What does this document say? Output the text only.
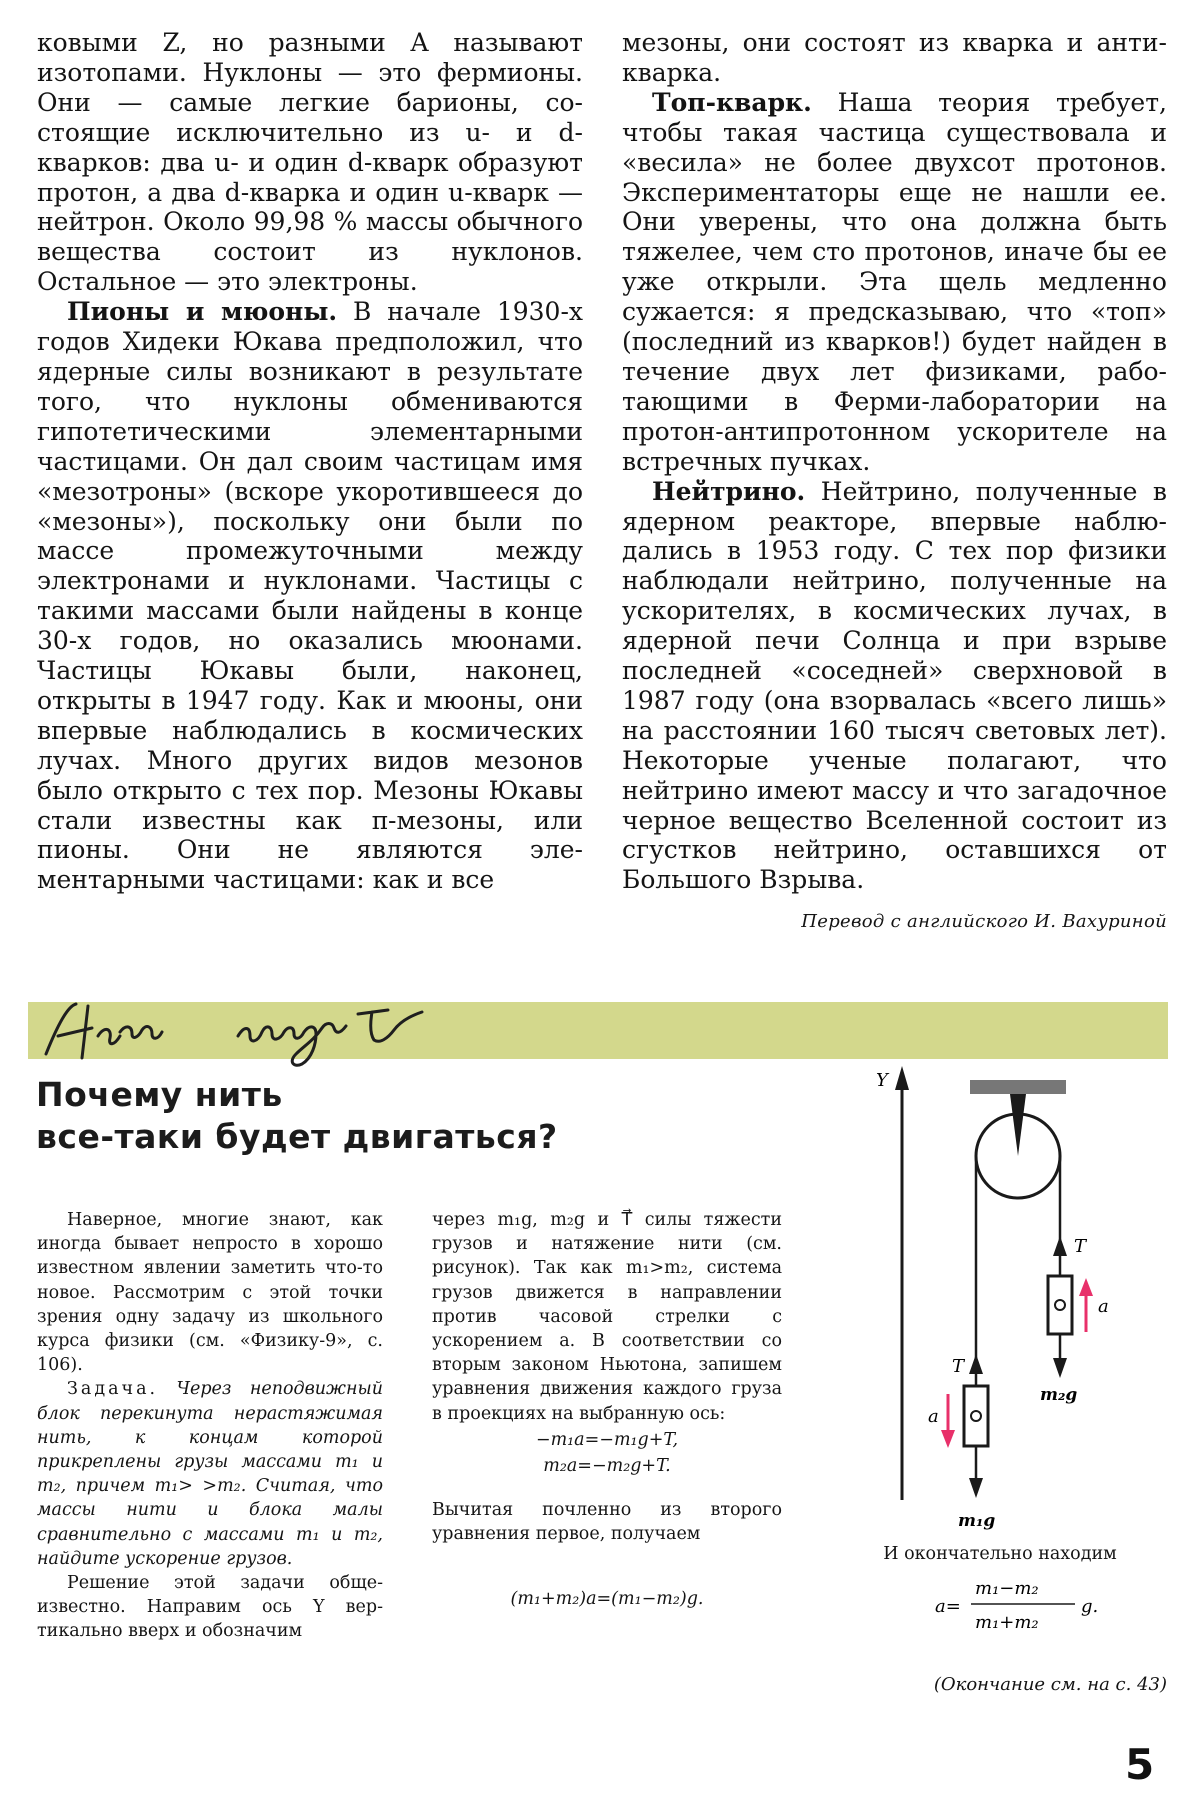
ковыми Z, но разными A называют изотопами. Нуклоны — это фермионы. Они — самые легкие барионы, состоящие исключительно из u- и d-кварков: два u- и один d-кварк образуют протон, а два d-кварка и один u-кварк — нейтрон. Около 99,98 % массы обычного вещества состоит из нуклонов. Остальное — это электроны.

Пионы и мюоны. В начале 1930-х годов Хидеки Юкава предположил, что ядерные силы возникают в результате того, что нуклоны обмениваются гипотетическими элементарными частицами. Он дал своим частицам имя «мезотроны» (вскоре укоротившееся до «мезоны»), поскольку они были по массе промежуточными между электронами и нуклонами. Частицы с такими массами были найдены в конце 30-х годов, но оказались мюонами. Частицы Юкавы были, наконец, открыты в 1947 году. Как и мюоны, они впервые наблюдались в космических лучах. Много других видов мезонов было открыто с тех пор. Мезоны Юкавы стали известны как π-мезоны, или пионы. Они не являются элементарными частицами: как и все

мезоны, они состоят из кварка и антикварка.

Топ-кварк. Наша теория требует, чтобы такая частица существовала и «весила» не более двухсот протонов. Экспериментаторы еще не нашли ее. Они уверены, что она должна быть тяжелее, чем сто протонов, иначе бы ее уже открыли. Эта щель медленно сужается: я предсказываю, что «топ» (последний из кварков!) будет найден в течение двух лет физиками, работающими в Ферми-лаборатории на протон-антипротонном ускорителе на встречных пучках.

Нейтрино. Нейтрино, полученные в ядерном реакторе, впервые наблюдались в 1953 году. С тех пор физики наблюдали нейтрино, полученные на ускорителях, в космических лучах, в ядерной печи Солнца и при взрыве последней «соседней» сверхновой в 1987 году (она взорвалась «всего лишь» на расстоянии 160 тысяч световых лет). Некоторые ученые полагают, что нейтрино имеют массу и что загадочное черное вещество Вселенной состоит из сгустков нейтрино, оставшихся от Большого Взрыва.

Перевод с английского И. Вахуриной

Почему нить
все-таки будет двигаться?

Наверное, многие знают, как иногда бывает непросто в хорошо известном явлении заметить что-то новое. Рассмотрим с этой точки зрения одну задачу из школьного курса физики (см. «Физику-9», с. 106).

Задача. Через неподвижный блок перекинута нерастяжимая нить, к концам которой прикреплены грузы массами m₁ и m₂, причем m₁> >m₂. Считая, что массы нити и блока малы сравнительно с массами m₁ и m₂, найдите ускорение грузов.

Решение этой задачи общеизвестно. Направим ось Y вертикально вверх и обозначим

через m₁g, m₂g и T⃗ силы тяжести грузов и натяжение нити (см. рисунок). Так как m₁>m₂, система грузов движется в направлении против часовой стрелки с ускорением a. В соответствии со вторым законом Ньютона, запишем уравнения движения каждого груза в проекциях на выбранную ось:

−m₁a=−m₁g+T,

m₂a=−m₂g+T.

Вычитая почленно из второго уравнения первое, получаем

(m₁+m₂)a=(m₁−m₂)g.

Y
T
a
m₂g
T
a
m₁g
И окончательно находим
a=
m₁−m₂
m₁+m₂
g.
(Окончание см. на с. 43)
5
